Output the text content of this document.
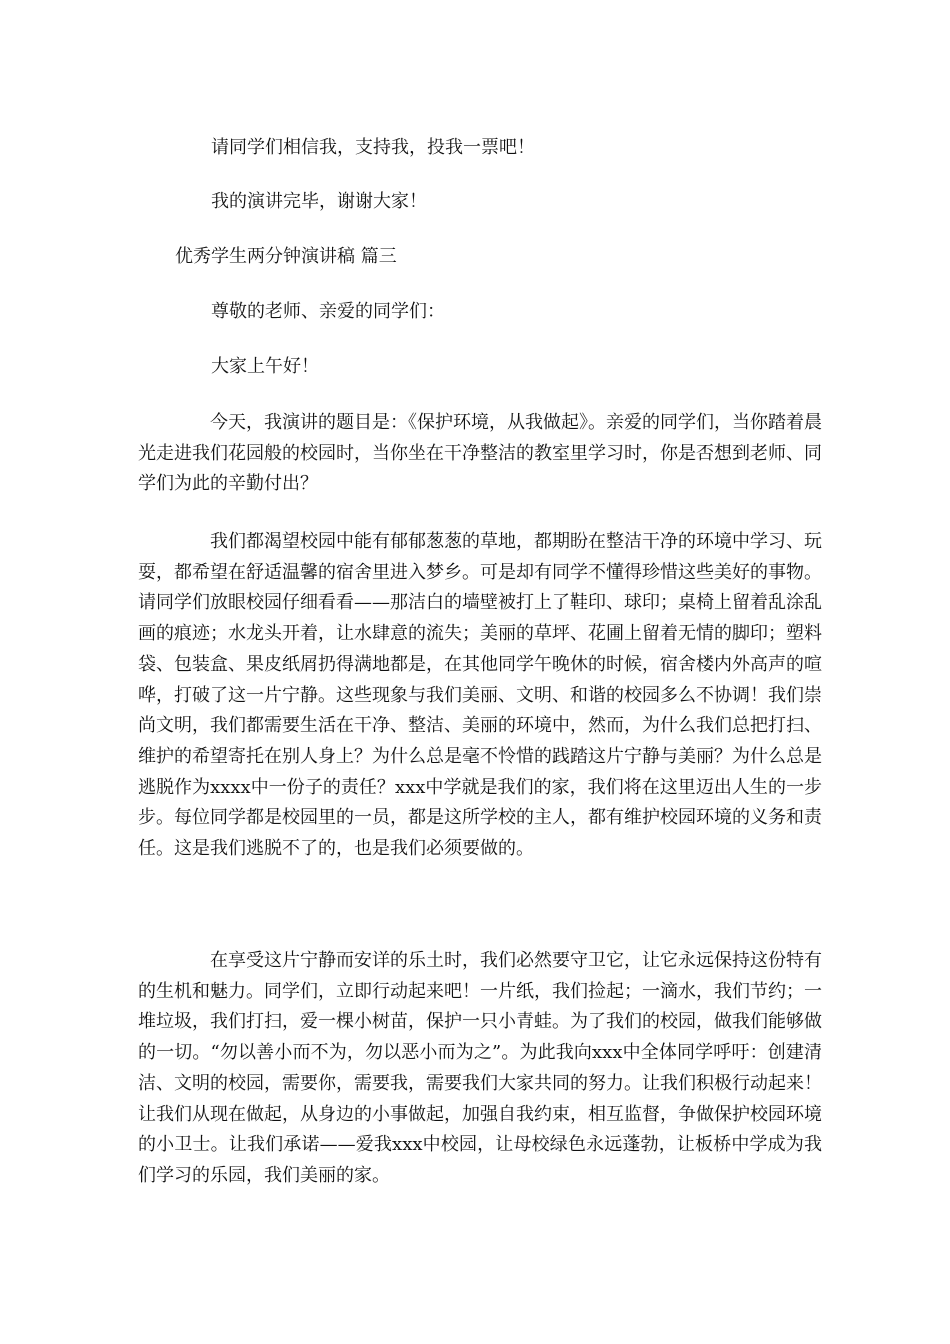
请同学们相信我，支持我，投我一票吧！
我的演讲完毕，谢谢大家！
优秀学生两分钟演讲稿 篇三
尊敬的老师、亲爱的同学们：
大家上午好！

今天，我演讲的题目是：《保护环境，从我做起》。亲爱的同学们，当你踏着晨光走进我们花园般的校园时，当你坐在干净整洁的教室里学习时，你是否想到老师、同学们为此的辛勤付出？

我们都渴望校园中能有郁郁葱葱的草地，都期盼在整洁干净的环境中学习、玩耍，都希望在舒适温馨的宿舍里进入梦乡。可是却有同学不懂得珍惜这些美好的事物。请同学们放眼校园仔细看看——那洁白的墙壁被打上了鞋印、球印；桌椅上留着乱涂乱画的痕迹；水龙头开着，让水肆意的流失；美丽的草坪、花圃上留着无情的脚印；塑料袋、包装盒、果皮纸屑扔得满地都是，在其他同学午晚休的时候，宿舍楼内外高声的喧哗，打破了这一片宁静。这些现象与我们美丽、文明、和谐的校园多么不协调！我们崇尚文明，我们都需要生活在干净、整洁、美丽的环境中，然而，为什么我们总把打扫、维护的希望寄托在别人身上？为什么总是毫不怜惜的践踏这片宁静与美丽？为什么总是逃脱作为xxxx中一份子的责任？xxx中学就是我们的家，我们将在这里迈出人生的一步步。每位同学都是校园里的一员，都是这所学校的主人，都有维护校园环境的义务和责任。这是我们逃脱不了的，也是我们必须要做的。

在享受这片宁静而安详的乐土时，我们必然要守卫它，让它永远保持这份特有的生机和魅力。同学们，立即行动起来吧！一片纸，我们捡起；一滴水，我们节约；一堆垃圾，我们打扫，爱一棵小树苗，保护一只小青蛙。为了我们的校园，做我们能够做的一切。“勿以善小而不为，勿以恶小而为之”。为此我向xxx中全体同学呼吁：创建清洁、文明的校园，需要你，需要我，需要我们大家共同的努力。让我们积极行动起来！让我们从现在做起，从身边的小事做起，加强自我约束，相互监督，争做保护校园环境的小卫士。让我们承诺——爱我xxx中校园，让母校绿色永远蓬勃，让板桥中学成为我们学习的乐园，我们美丽的家。
